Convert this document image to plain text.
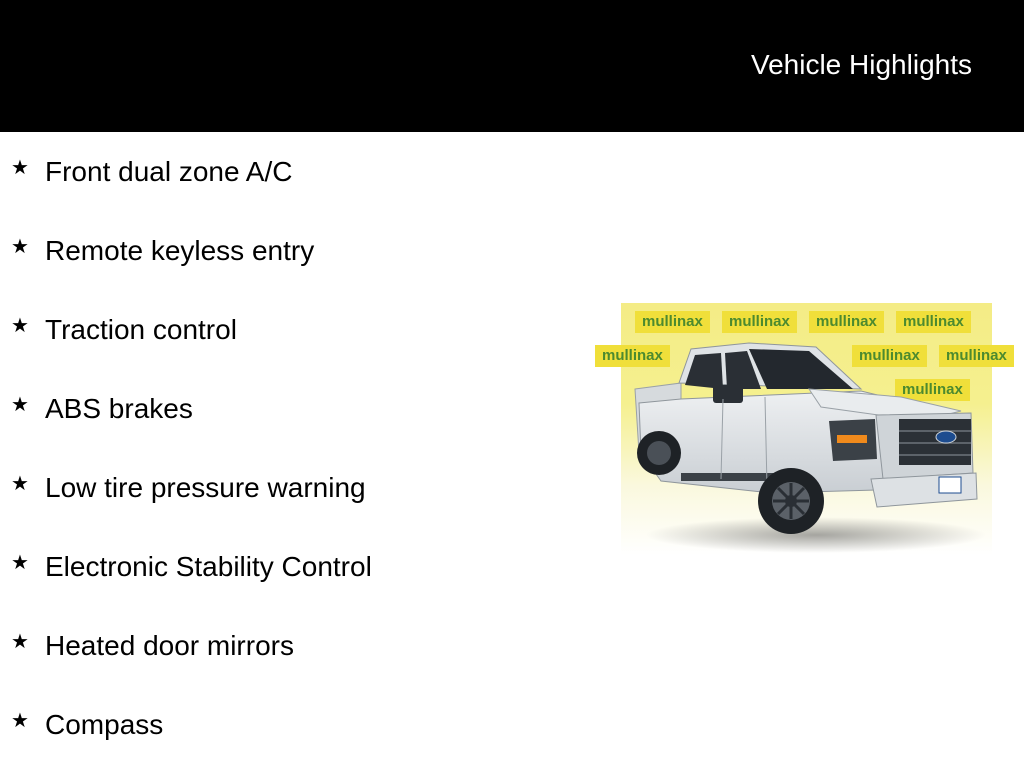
Vehicle Highlights
★ Front dual zone A/C
★ Remote keyless entry
★ Traction control
★ ABS brakes
★ Low tire pressure warning
★ Electronic Stability Control
★ Heated door mirrors
★ Compass
mullinax	mullinax	mullinax	mullinax
mullinax	mullinax	mullinax
mullinax
